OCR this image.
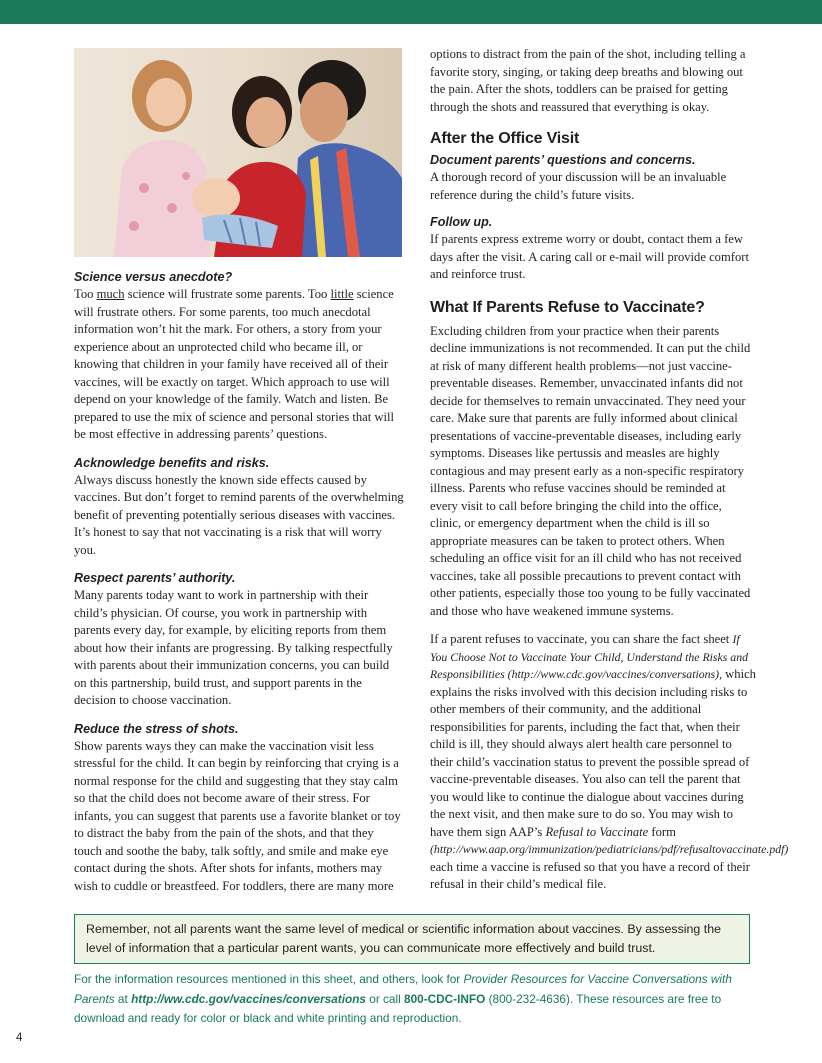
Science versus anecdote?

Too much science will frustrate some parents. Too little science will frustrate others. For some parents, too much anecdotal information won’t hit the mark. For others, a story from your experience about an unprotected child who became ill, or knowing that children in your family have received all of their vaccines, will be exactly on target. Which approach to use will depend on your knowledge of the family. Watch and listen. Be prepared to use the mix of science and personal stories that will be most effective in addressing parents’ questions.

Acknowledge benefits and risks.

Always discuss honestly the known side effects caused by vaccines. But don’t forget to remind parents of the overwhelming benefit of preventing potentially serious diseases with vaccines. It’s honest to say that not vaccinating is a risk that will worry you.

Respect parents’ authority.

Many parents today want to work in partnership with their child’s physician. Of course, you work in partnership with parents every day, for example, by eliciting reports from them about how their infants are progressing. By talking respectfully with parents about their immunization concerns, you can build on this partnership, build trust, and support parents in the decision to choose vaccination.

Reduce the stress of shots.

Show parents ways they can make the vaccination visit less stressful for the child. It can begin by reinforcing that crying is a normal response for the child and suggesting that they stay calm so that the child does not become aware of their stress. For infants, you can suggest that parents use a favorite blanket or toy to distract the baby from the pain of the shots, and that they touch and soothe the baby, talk softly, and smile and make eye contact during the shots. After shots for infants, mothers may wish to cuddle or breastfeed. For toddlers, there are many more

options to distract from the pain of the shot, including telling a favorite story, singing, or taking deep breaths and blowing out the pain. After the shots, toddlers can be praised for getting through the shots and reassured that everything is okay.

After the Office Visit
Document parents’ questions and concerns.

A thorough record of your discussion will be an invaluable reference during the child’s future visits.

Follow up.

If parents express extreme worry or doubt, contact them a few days after the visit. A caring call or e-mail will provide comfort and reinforce trust.

What If Parents Refuse to Vaccinate?

Excluding children from your practice when their parents decline immunizations is not recommended. It can put the child at risk of many different health problems—not just vaccine-preventable diseases. Remember, unvaccinated infants did not decide for themselves to remain unvaccinated. They need your care. Make sure that parents are fully informed about clinical presentations of vaccine-preventable diseases, including early symptoms. Diseases like pertussis and measles are highly contagious and may present early as a non-specific respiratory illness. Parents who refuse vaccines should be reminded at every visit to call before bringing the child into the office, clinic, or emergency department when the child is ill so appropriate measures can be taken to protect others. When scheduling an office visit for an ill child who has not received vaccines, take all possible precautions to prevent contact with other patients, especially those too young to be fully vaccinated and those who have weakened immune systems.

If a parent refuses to vaccinate, you can share the fact sheet If You Choose Not to Vaccinate Your Child, Understand the Risks and Responsibilities (http://www.cdc.gov/vaccines/conversations), which explains the risks involved with this decision including risks to other members of their community, and the additional responsibilities for parents, including the fact that, when their child is ill, they should always alert health care personnel to their child’s vaccination status to prevent the possible spread of vaccine-preventable diseases. You also can tell the parent that you would like to continue the dialogue about vaccines during the next visit, and then make sure to do so. You may wish to have them sign AAP’s Refusal to Vaccinate form (http://www.aap.org/immunization/pediatricians/pdf/refusaltovaccinate.pdf) each time a vaccine is refused so that you have a record of their refusal in their child’s medical file.

Remember, not all parents want the same level of medical or scientific information about vaccines. By assessing the level of information that a particular parent wants, you can communicate more effectively and build trust.
For the information resources mentioned in this sheet, and others, look for Provider Resources for Vaccine Conversations with Parents at http://ww.cdc.gov/vaccines/conversations or call 800-CDC-INFO (800-232-4636). These resources are free to download and ready for color or black and white printing and reproduction.
4
